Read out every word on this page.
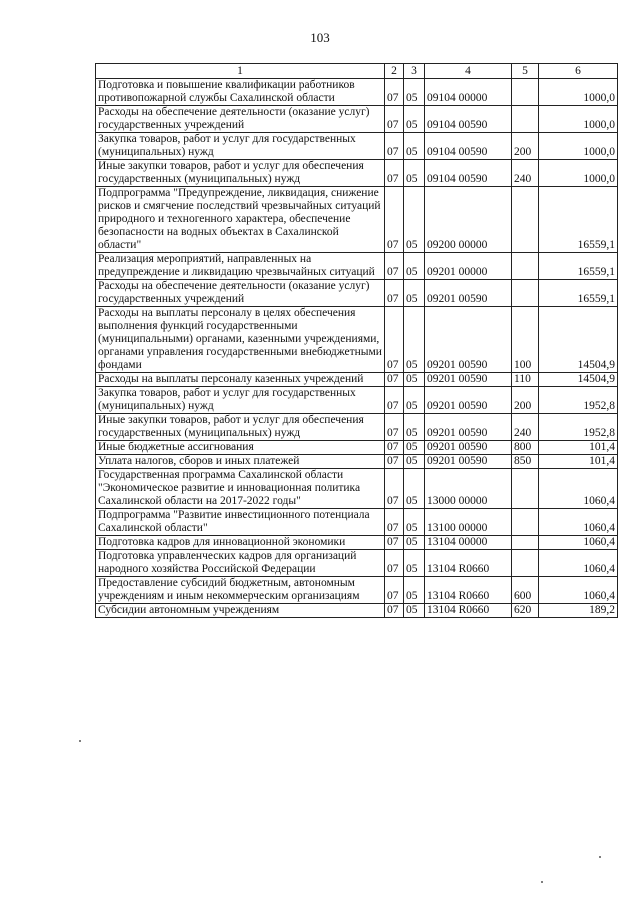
103
1	2	3	4	5	6
Подготовка и повышение квалификации работников противопожарной службы Сахалинской области	07	05	09104 00000		1000,0
Расходы на обеспечение деятельности (оказание услуг) государственных учреждений	07	05	09104 00590		1000,0
Закупка товаров, работ и услуг для государственных (муниципальных) нужд	07	05	09104 00590	200	1000,0
Иные закупки товаров, работ и услуг для обеспечения государственных (муниципальных) нужд	07	05	09104 00590	240	1000,0
Подпрограмма "Предупреждение, ликвидация, снижение рисков и смягчение последствий чрезвычайных ситуаций природного и техногенного характера, обеспечение безопасности на водных объектах в Сахалинской области"	07	05	09200 00000		16559,1
Реализация мероприятий, направленных на предупреждение и ликвидацию чрезвычайных ситуаций	07	05	09201 00000		16559,1
Расходы на обеспечение деятельности (оказание услуг) государственных учреждений	07	05	09201 00590		16559,1
Расходы на выплаты персоналу в целях обеспечения выполнения функций государственными (муниципальными) органами, казенными учреждениями, органами управления государственными внебюджетными фондами	07	05	09201 00590	100	14504,9
Расходы на выплаты персоналу казенных учреждений	07	05	09201 00590	110	14504,9
Закупка товаров, работ и услуг для государственных (муниципальных) нужд	07	05	09201 00590	200	1952,8
Иные закупки товаров, работ и услуг для обеспечения государственных (муниципальных) нужд	07	05	09201 00590	240	1952,8
Иные бюджетные ассигнования	07	05	09201 00590	800	101,4
Уплата налогов, сборов и иных платежей	07	05	09201 00590	850	101,4
Государственная программа Сахалинской области "Экономическое развитие и инновационная политика Сахалинской области на 2017-2022 годы"	07	05	13000 00000		1060,4
Подпрограмма "Развитие инвестиционного потенциала Сахалинской области"	07	05	13100 00000		1060,4
Подготовка кадров для инновационной экономики	07	05	13104 00000		1060,4
Подготовка управленческих кадров для организаций народного хозяйства Российской Федерации	07	05	13104 R0660		1060,4
Предоставление субсидий бюджетным, автономным учреждениям и иным некоммерческим организациям	07	05	13104 R0660	600	1060,4
Субсидии автономным учреждениям	07	05	13104 R0660	620	189,2
